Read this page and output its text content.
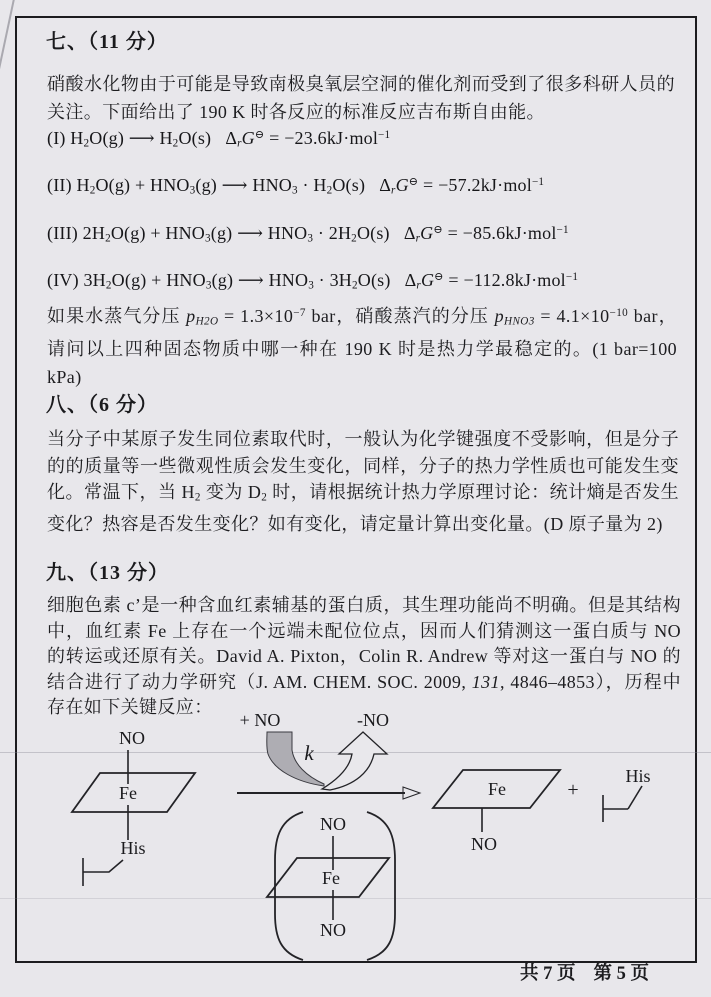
七、（11 分）
硝酸水化物由于可能是导致南极臭氧层空洞的催化剂而受到了很多科研人员的关注。下面给出了 190 K 时各反应的标准反应吉布斯自由能。
(I) H2O(g) ⟶ H2O(s)   ΔrG⊖ = −23.6kJ·mol$^{-1}$
(II) H2O(g) + HNO3(g) ⟶ HNO3 · H2O(s)   ΔrG⊖ = −57.2kJ·mol$^{-1}$
(III) 2H2O(g) + HNO3(g) ⟶ HNO3 · 2H2O(s)   ΔrG⊖ = −85.6kJ·mol$^{-1}$
(IV) 3H2O(g) + HNO3(g) ⟶ HNO3 · 3H2O(s)   ΔrG⊖ = −112.8kJ·mol$^{-1}$
如果水蒸气分压 $pH2O = 1.3\times 10^{-7}$ bar，硝酸蒸汽的分压 pHNO3 = $4.1\times 10^{-10}$ bar，请问以上四种固态物质中哪一种在 190 K 时是热力学最稳定的。(1 bar=100 kPa)
八、（6 分）
当分子中某原子发生同位素取代时，一般认为化学键强度不受影响，但是分子的的质量等一些微观性质会发生变化，同样，分子的热力学性质也可能发生变化。常温下，当 H2 变为 D2 时，请根据统计热力学原理讨论：统计熵是否发生变化？热容是否发生变化？如有变化，请定量计算出变化量。(D 原子量为 2)
九、（13 分）
细胞色素 c’是一种含血红素辅基的蛋白质，其生理功能尚不明确。但是其结构中，血红素 Fe 上存在一个远端未配位位点，因而人们猜测这一蛋白质与 NO 的转运或还原有关。David A. Pixton，Colin R. Andrew 等对这一蛋白与 NO 的结合进行了动力学研究（J. AM. CHEM. SOC. 2009, 131, 4846–4853），历程中存在如下关键反应：
NO
Fe
His
+ NO	-NO
k
NO
Fe
NO
Fe
NO
+
His
共 7 页 第 5 页
